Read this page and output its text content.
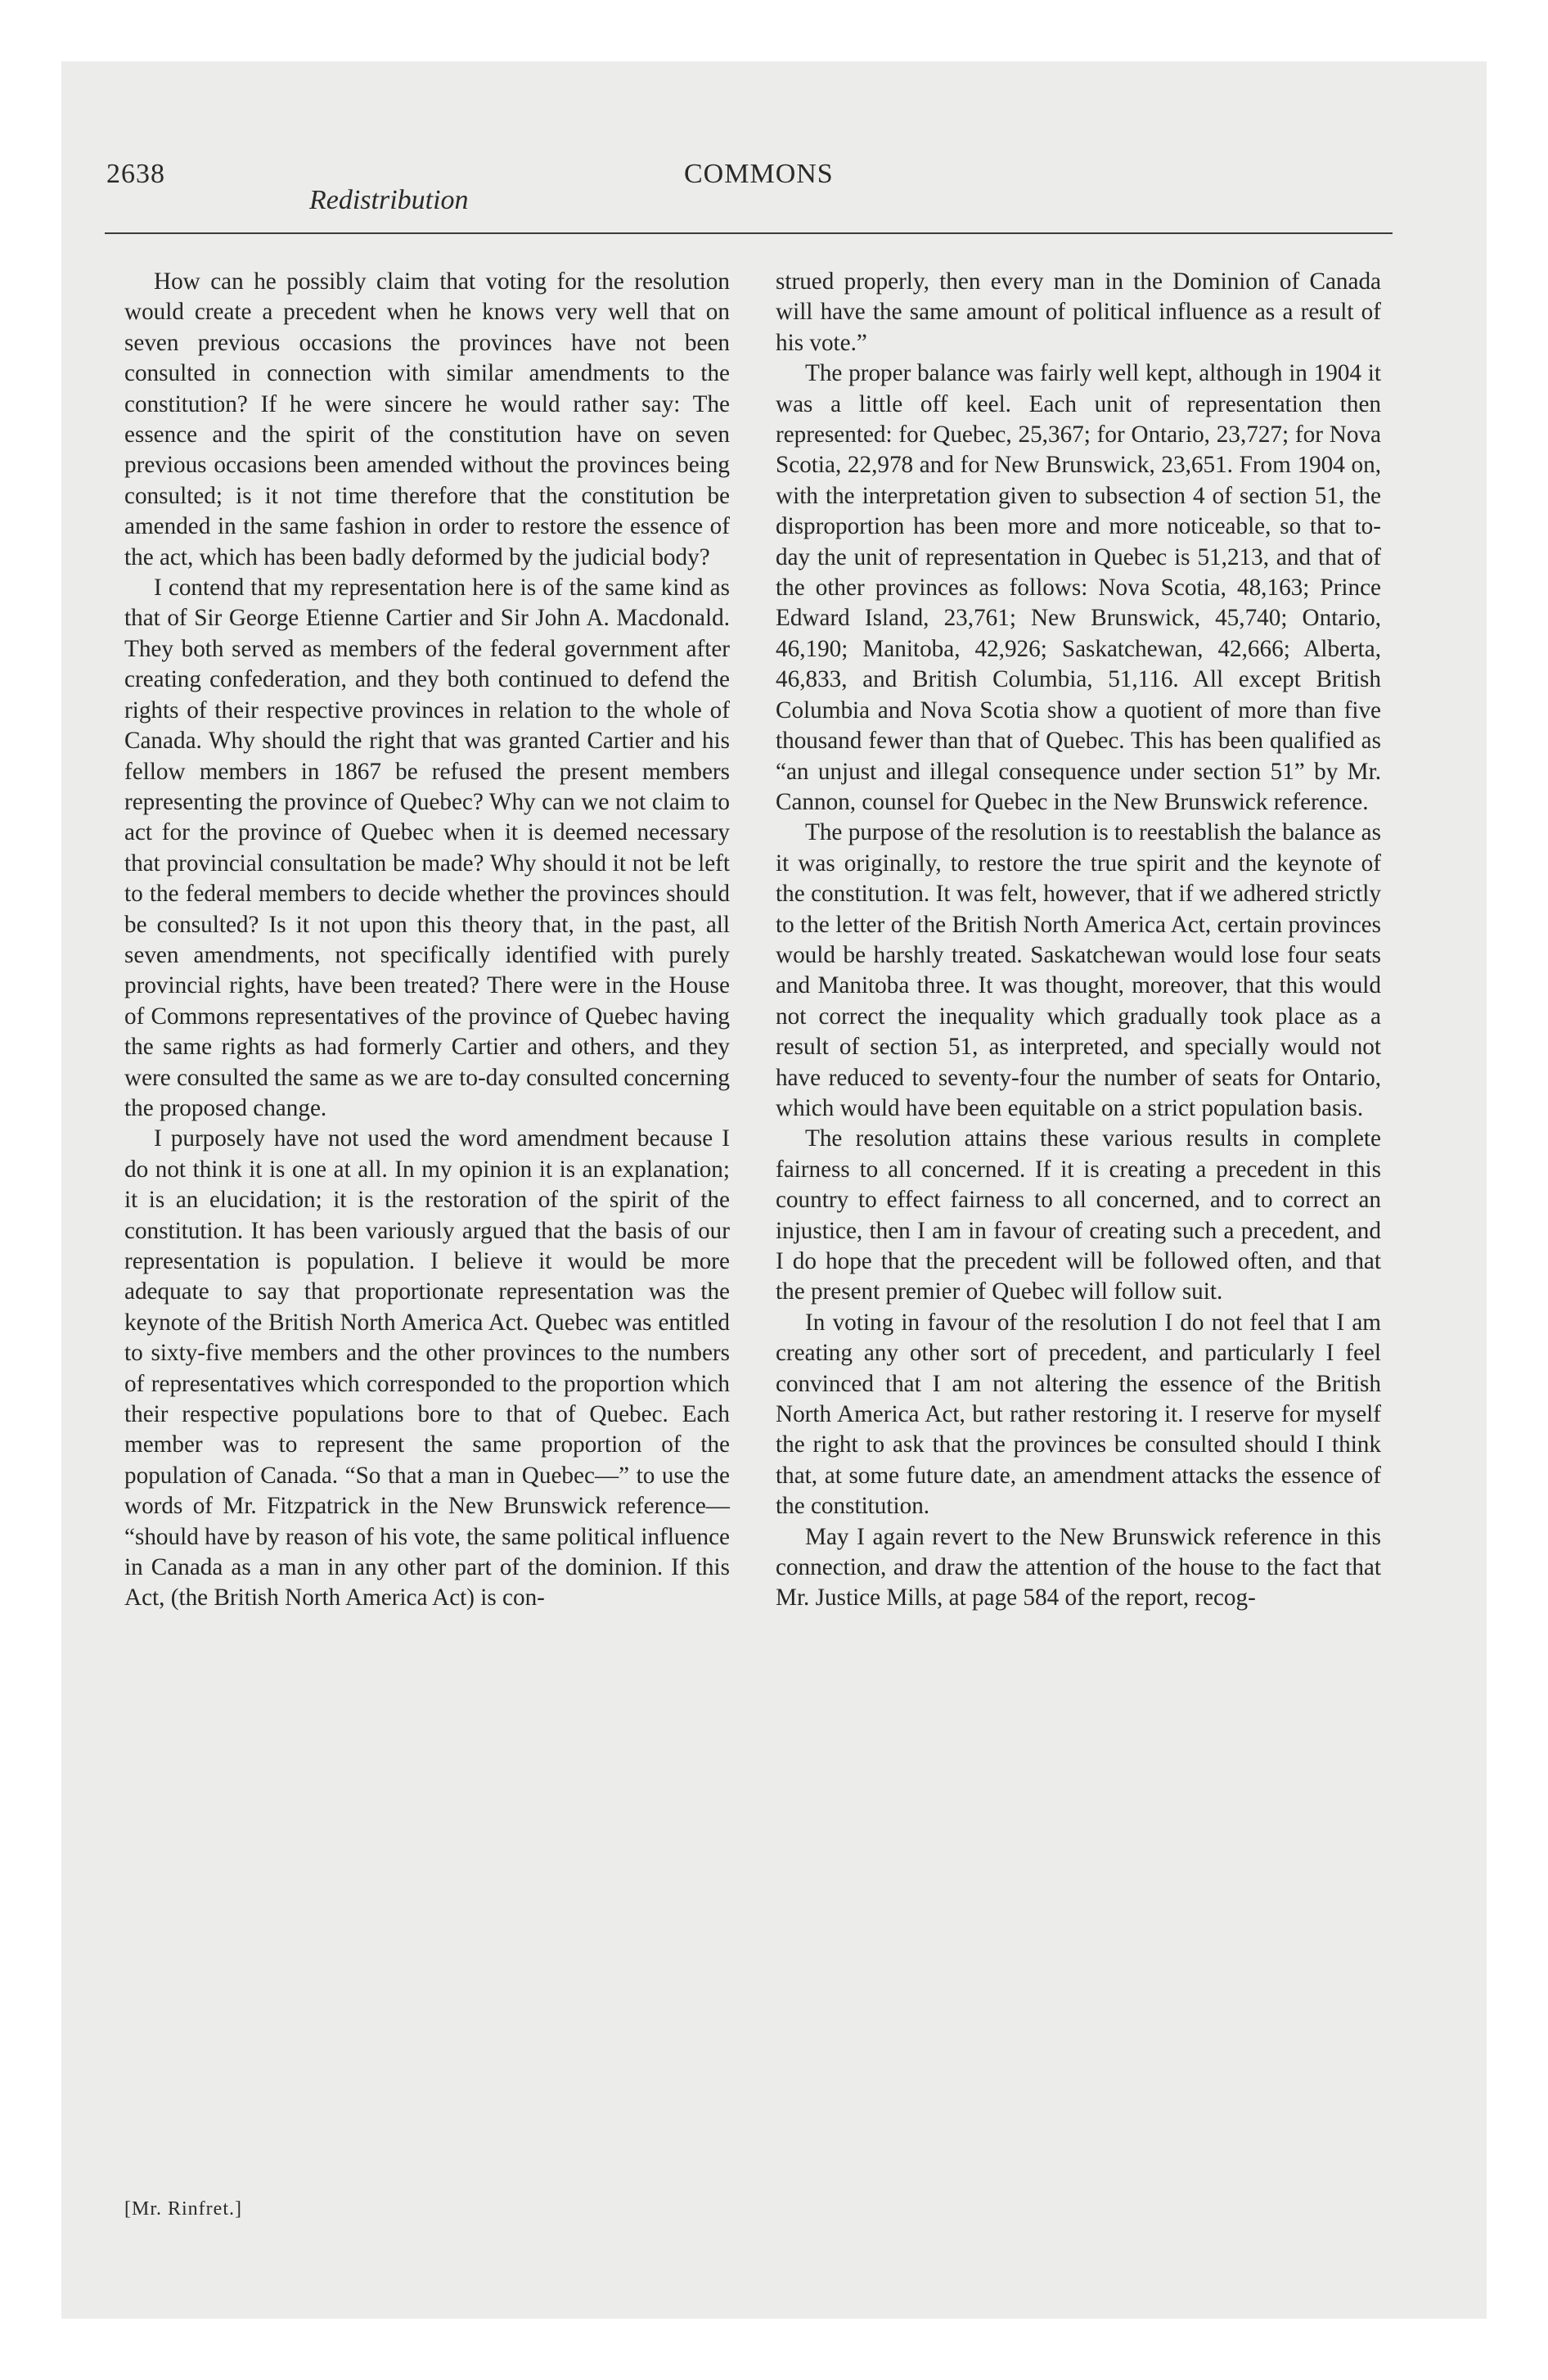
2638	COMMONS
Redistribution

How can he possibly claim that voting for the resolution would create a precedent when he knows very well that on seven previous occasions the provinces have not been consulted in connection with similar amendments to the constitution? If he were sincere he would rather say: The essence and the spirit of the constitution have on seven previous occasions been amended without the provinces being consulted; is it not time therefore that the constitution be amended in the same fashion in order to restore the essence of the act, which has been badly deformed by the judicial body?

I contend that my representation here is of the same kind as that of Sir George Etienne Cartier and Sir John A. Macdonald. They both served as members of the federal government after creating confederation, and they both continued to defend the rights of their respective provinces in relation to the whole of Canada. Why should the right that was granted Cartier and his fellow members in 1867 be refused the present members representing the province of Quebec? Why can we not claim to act for the province of Quebec when it is deemed necessary that provincial consultation be made? Why should it not be left to the federal members to decide whether the provinces should be consulted? Is it not upon this theory that, in the past, all seven amendments, not specifically identified with purely provincial rights, have been treated? There were in the House of Commons representatives of the province of Quebec having the same rights as had formerly Cartier and others, and they were consulted the same as we are to-day consulted concerning the proposed change.

I purposely have not used the word amendment because I do not think it is one at all. In my opinion it is an explanation; it is an elucidation; it is the restoration of the spirit of the constitution. It has been variously argued that the basis of our representation is population. I believe it would be more adequate to say that proportionate representation was the keynote of the British North America Act. Quebec was entitled to sixty-five members and the other provinces to the numbers of representatives which corresponded to the proportion which their respective populations bore to that of Quebec. Each member was to represent the same proportion of the population of Canada. “So that a man in Quebec—” to use the words of Mr. Fitzpatrick in the New Brunswick reference— “should have by reason of his vote, the same political influence in Canada as a man in any other part of the dominion. If this Act, (the British North America Act) is con-

strued properly, then every man in the Dominion of Canada will have the same amount of political influence as a result of his vote.”

The proper balance was fairly well kept, although in 1904 it was a little off keel. Each unit of representation then represented: for Quebec, 25,367; for Ontario, 23,727; for Nova Scotia, 22,978 and for New Brunswick, 23,651. From 1904 on, with the interpretation given to subsection 4 of section 51, the disproportion has been more and more noticeable, so that to-day the unit of representation in Quebec is 51,213, and that of the other provinces as follows: Nova Scotia, 48,163; Prince Edward Island, 23,761; New Brunswick, 45,740; Ontario, 46,190; Manitoba, 42,926; Saskatchewan, 42,666; Alberta, 46,833, and British Columbia, 51,116. All except British Columbia and Nova Scotia show a quotient of more than five thousand fewer than that of Quebec. This has been qualified as “an unjust and illegal consequence under section 51” by Mr. Cannon, counsel for Quebec in the New Brunswick reference.

The purpose of the resolution is to reestablish the balance as it was originally, to restore the true spirit and the keynote of the constitution. It was felt, however, that if we adhered strictly to the letter of the British North America Act, certain provinces would be harshly treated. Saskatchewan would lose four seats and Manitoba three. It was thought, moreover, that this would not correct the inequality which gradually took place as a result of section 51, as interpreted, and specially would not have reduced to seventy-four the number of seats for Ontario, which would have been equitable on a strict population basis.

The resolution attains these various results in complete fairness to all concerned. If it is creating a precedent in this country to effect fairness to all concerned, and to correct an injustice, then I am in favour of creating such a precedent, and I do hope that the precedent will be followed often, and that the present premier of Quebec will follow suit.

In voting in favour of the resolution I do not feel that I am creating any other sort of precedent, and particularly I feel convinced that I am not altering the essence of the British North America Act, but rather restoring it. I reserve for myself the right to ask that the provinces be consulted should I think that, at some future date, an amendment attacks the essence of the constitution.

May I again revert to the New Brunswick reference in this connection, and draw the attention of the house to the fact that Mr. Justice Mills, at page 584 of the report, recog-

[Mr. Rinfret.]
